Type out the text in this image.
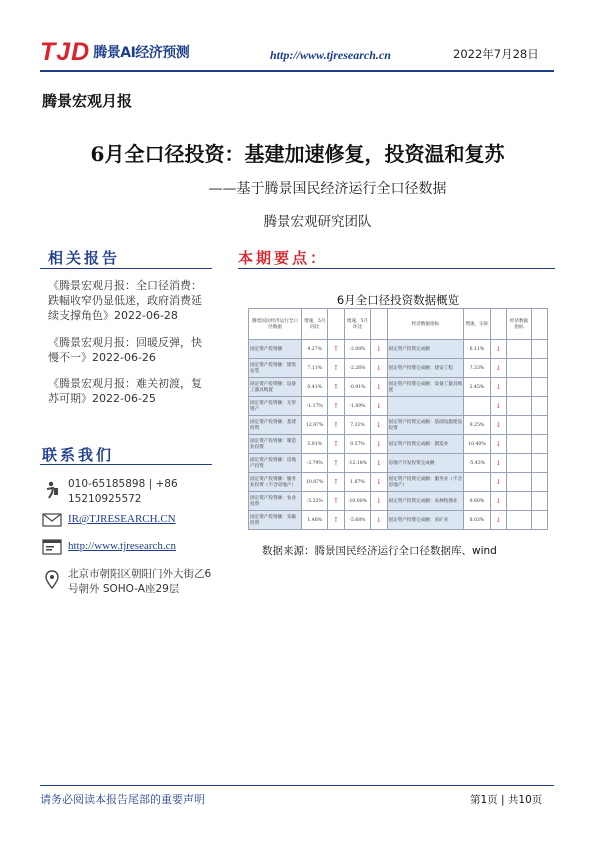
TJD 腾景AI经济预测	http://www.tjresearch.cn	2022年7月28日
腾景宏观月报
6月全口径投资：基建加速修复，投资温和复苏
——基于腾景国民经济运行全口径数据
腾景宏观研究团队
相关报告
《腾景宏观月报：全口径消费：跌幅收窄仍显低迷，政府消费延续支撑角色》2022-06-28
《腾景宏观月报：回暖反弹，快慢不一》2022-06-26
《腾景宏观月报：难关初渡，复苏可期》2022-06-25
联系我们
010-65185898 | +86 15210925572
IR@TJRESEARCH.CN
http://www.tjresearch.cn
北京市朝阳区朝阳门外大街乙6号朝外 SOHO-A座29层
本期要点：
6月全口径投资数据概览
腾景国民经济运行全口径数据	增速，5月同比		增速，5月环比		经济数据指标	增速，实际		经济数据指标	
固定资产投资额	4.27%	↑	-2.08%	↓	固定资产投资完成额	6.11%	↓		
固定资产投资额：建筑安装	7.11%	↑	-2.26%	↓	固定资产投资完成额：建安工程	7.33%	↓		
固定资产投资额：设备工器具购置	0.41%	↑	-0.91%	↓	固定资产投资完成额：设备工器具购置	2.45%	↓		
固定资产投资额：无形资产	-1.17%	↑	-1.09%	↓			↓		
固定资产投资额：基建投资	12.97%	↑	7.31%	↓	固定资产投资完成额：基础设施建设投资	9.25%	↓		
固定资产投资额：制造业投资	5.91%	↑	0.57%	↓	固定资产投资完成额：制造业	10.40%	↓		
固定资产投资额：房地产投资	-3.79%	↑	-12.18%	↓	房地产开发投资完成额	-5.43%	↓		
固定资产投资额：服务业投资（不含房地产）	10.87%	↑	1.87%	↓	固定资产投资完成额：服务业（不含房地产）		↓		
固定资产投资额：农业投资	-5.32%	↑	-10.00%	↓	固定资产投资完成额：农林牧渔业	9.80%	↓		
固定资产投资额：采掘投资	1.46%	↑	-5.68%	↓	固定资产投资完成额：采矿业	8.03%	↓		
数据来源：腾景国民经济运行全口径数据库、wind
请务必阅读本报告尾部的重要声明	第1页 | 共10页
